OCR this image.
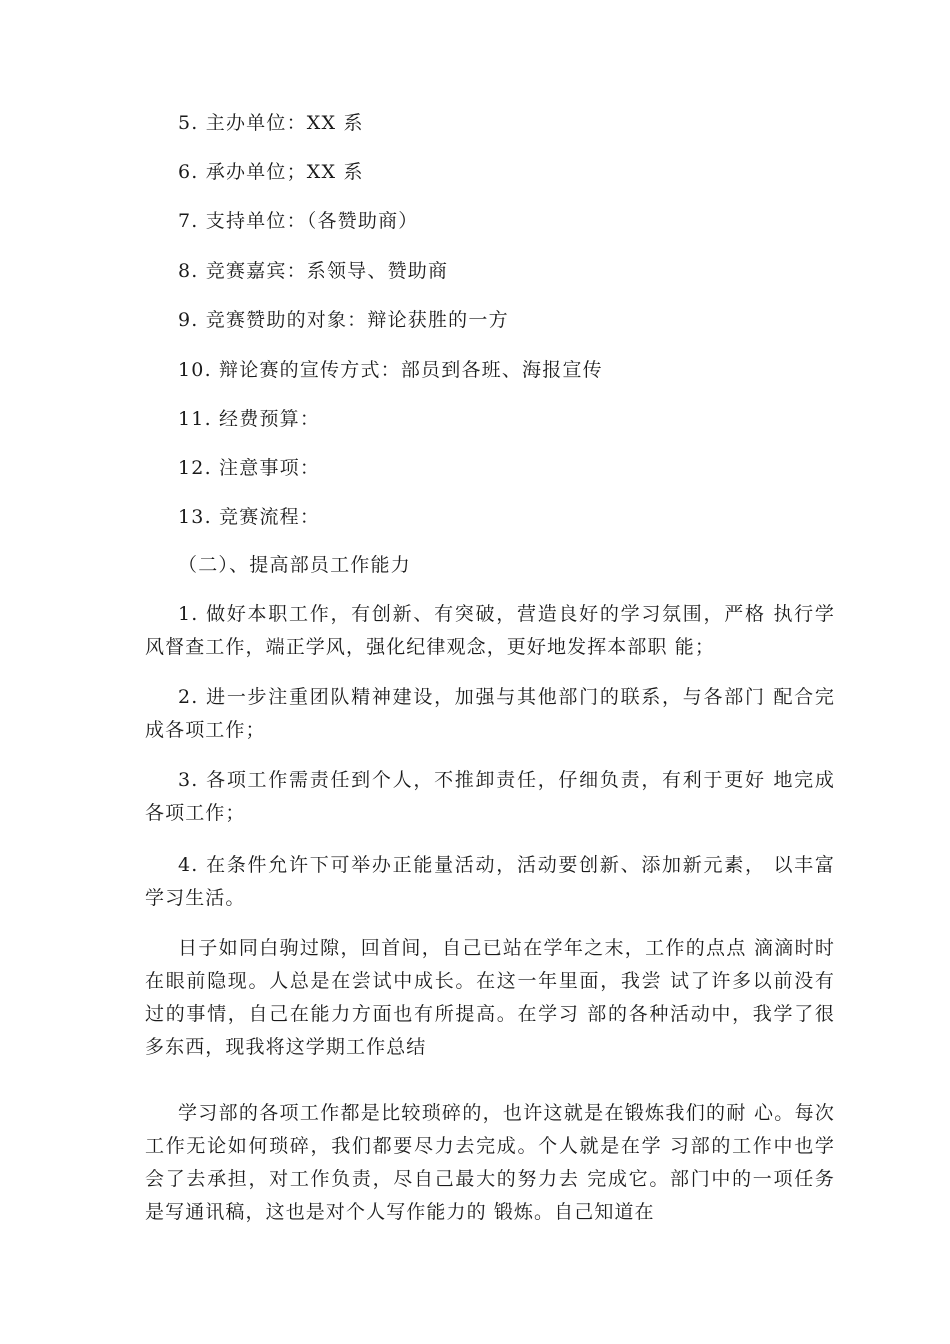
5. 主办单位：XX 系
6. 承办单位；XX 系
7. 支持单位：（各赞助商）
8. 竞赛嘉宾：系领导、赞助商
9. 竞赛赞助的对象：辩论获胜的一方
10. 辩论赛的宣传方式：部员到各班、海报宣传
11. 经费预算：
12. 注意事项：
13. 竞赛流程：
（二）、提高部员工作能力
1. 做好本职工作，有创新、有突破，营造良好的学习氛围，严格 执行学风督查工作，端正学风，强化纪律观念，更好地发挥本部职 能；
2. 进一步注重团队精神建设，加强与其他部门的联系，与各部门 配合完成各项工作；
3. 各项工作需责任到个人，不推卸责任，仔细负责，有利于更好 地完成各项工作；
4. 在条件允许下可举办正能量活动，活动要创新、添加新元素， 以丰富学习生活。
日子如同白驹过隙，回首间，自己已站在学年之末，工作的点点 滴滴时时在眼前隐现。人总是在尝试中成长。在这一年里面，我尝 试了许多以前没有过的事情，自己在能力方面也有所提高。在学习 部的各种活动中，我学了很多东西，现我将这学期工作总结
学习部的各项工作都是比较琐碎的，也许这就是在锻炼我们的耐 心。每次工作无论如何琐碎，我们都要尽力去完成。个人就是在学 习部的工作中也学会了去承担，对工作负责，尽自己最大的努力去 完成它。部门中的一项任务是写通讯稿，这也是对个人写作能力的 锻炼。自己知道在
